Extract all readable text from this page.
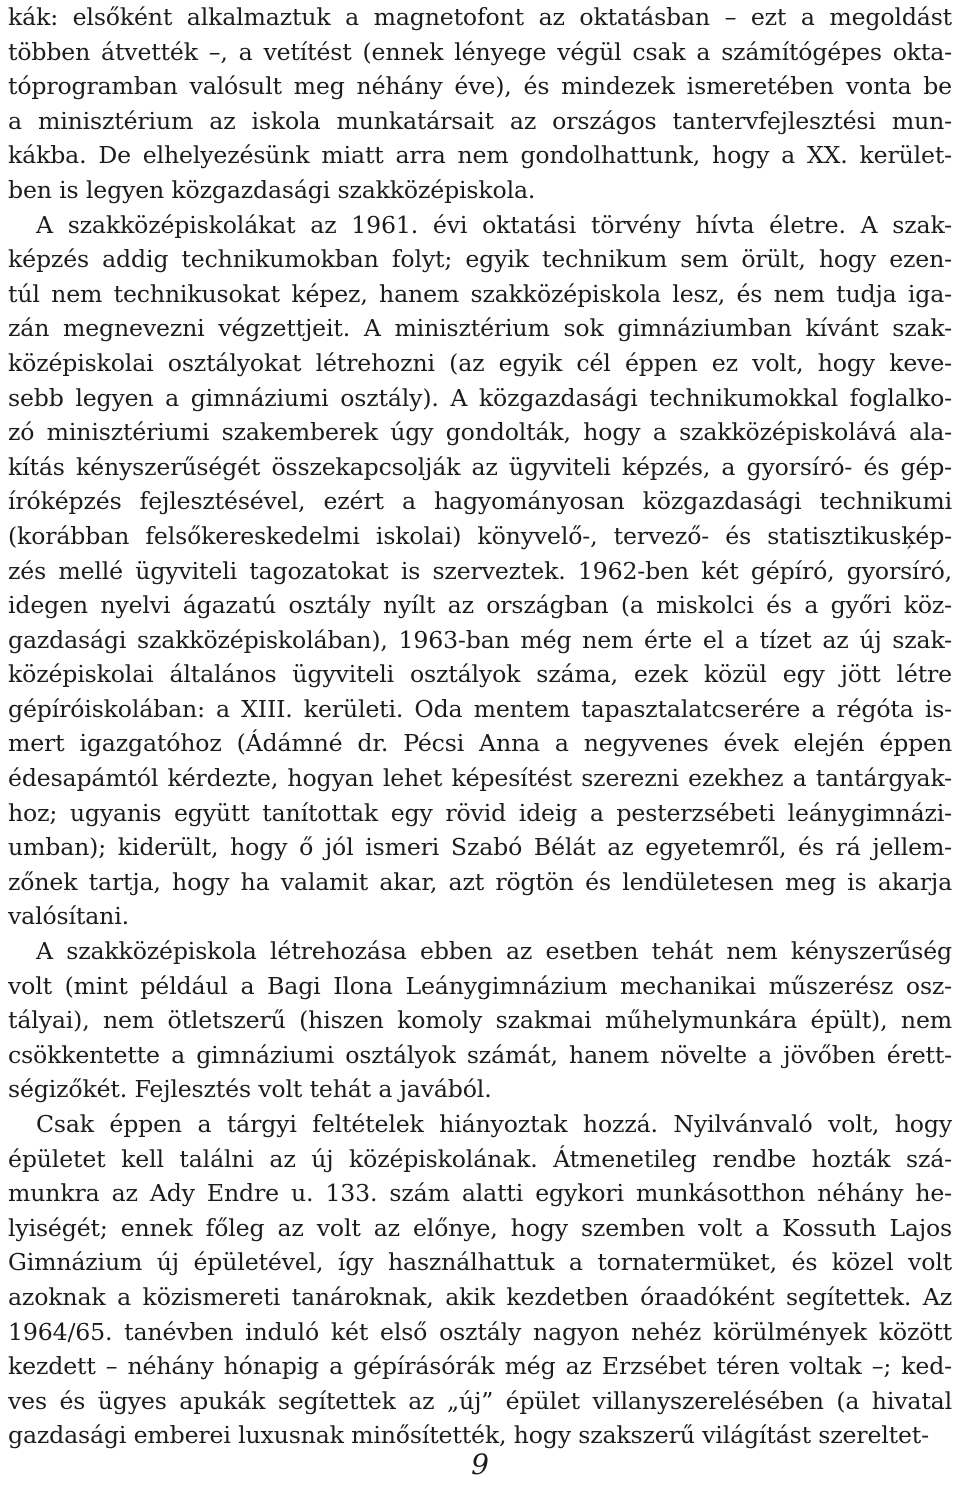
kák: elsőként alkalmaztuk a magnetofont az oktatásban – ezt a megoldást
többen átvették –, a vetítést (ennek lényege végül csak a számítógépes okta-
tóprogramban valósult meg néhány éve), és mindezek ismeretében vonta be
a minisztérium az iskola munkatársait az országos tantervfejlesztési mun-
kákba. De elhelyezésünk miatt arra nem gondolhattunk, hogy a XX. kerület-
ben is legyen közgazdasági szakközépiskola.
A szakközépiskolákat az 1961. évi oktatási törvény hívta életre. A szak-
képzés addig technikumokban folyt; egyik technikum sem örült, hogy ezen-
túl nem technikusokat képez, hanem szakközépiskola lesz, és nem tudja iga-
zán megnevezni végzettjeit. A minisztérium sok gimnáziumban kívánt szak-
középiskolai osztályokat létrehozni (az egyik cél éppen ez volt, hogy keve-
sebb legyen a gimnáziumi osztály). A közgazdasági technikumokkal foglalko-
zó minisztériumi szakemberek úgy gondolták, hogy a szakközépiskolává ala-
kítás kényszerűségét összekapcsolják az ügyviteli képzés, a gyorsíró- és gép-
íróképzés fejlesztésével, ezért a hagyományosan közgazdasági technikumi
(korábban felsőkereskedelmi iskolai) könyvelő-, tervező- és statisztikusķép-
zés mellé ügyviteli tagozatokat is szerveztek. 1962-ben két gépíró, gyorsíró,
idegen nyelvi ágazatú osztály nyílt az országban (a miskolci és a győri köz-
gazdasági szakközépiskolában), 1963-ban még nem érte el a tízet az új szak-
középiskolai általános ügyviteli osztályok száma, ezek közül egy jött létre
gépíróiskolában: a XIII. kerületi. Oda mentem tapasztalatcserére a régóta is-
mert igazgatóhoz (Ádámné dr. Pécsi Anna a negyvenes évek elején éppen
édesapámtól kérdezte, hogyan lehet képesítést szerezni ezekhez a tantárgyak-
hoz; ugyanis együtt tanítottak egy rövid ideig a pesterzsébeti leánygimnázi-
umban); kiderült, hogy ő jól ismeri Szabó Bélát az egyetemről, és rá jellem-
zőnek tartja, hogy ha valamit akar, azt rögtön és lendületesen meg is akarja
valósítani.
A szakközépiskola létrehozása ebben az esetben tehát nem kényszerűség
volt (mint például a Bagi Ilona Leánygimnázium mechanikai műszerész osz-
tályai), nem ötletszerű (hiszen komoly szakmai műhelymunkára épült), nem
csökkentette a gimnáziumi osztályok számát, hanem növelte a jövőben érett-
ségizőkét. Fejlesztés volt tehát a javából.
Csak éppen a tárgyi feltételek hiányoztak hozzá. Nyilvánvaló volt, hogy
épületet kell találni az új középiskolának. Átmenetileg rendbe hozták szá-
munkra az Ady Endre u. 133. szám alatti egykori munkásotthon néhány he-
lyiségét; ennek főleg az volt az előnye, hogy szemben volt a Kossuth Lajos
Gimnázium új épületével, így használhattuk a tornatermüket, és közel volt
azoknak a közismereti tanároknak, akik kezdetben óraadóként segítettek. Az
1964/65. tanévben induló két első osztály nagyon nehéz körülmények között
kezdett – néhány hónapig a gépírásórák még az Erzsébet téren voltak –; ked-
ves és ügyes apukák segítettek az „új” épület villanyszerelésében (a hivatal
gazdasági emberei luxusnak minősítették, hogy szakszerű világítást szereltet-
9
